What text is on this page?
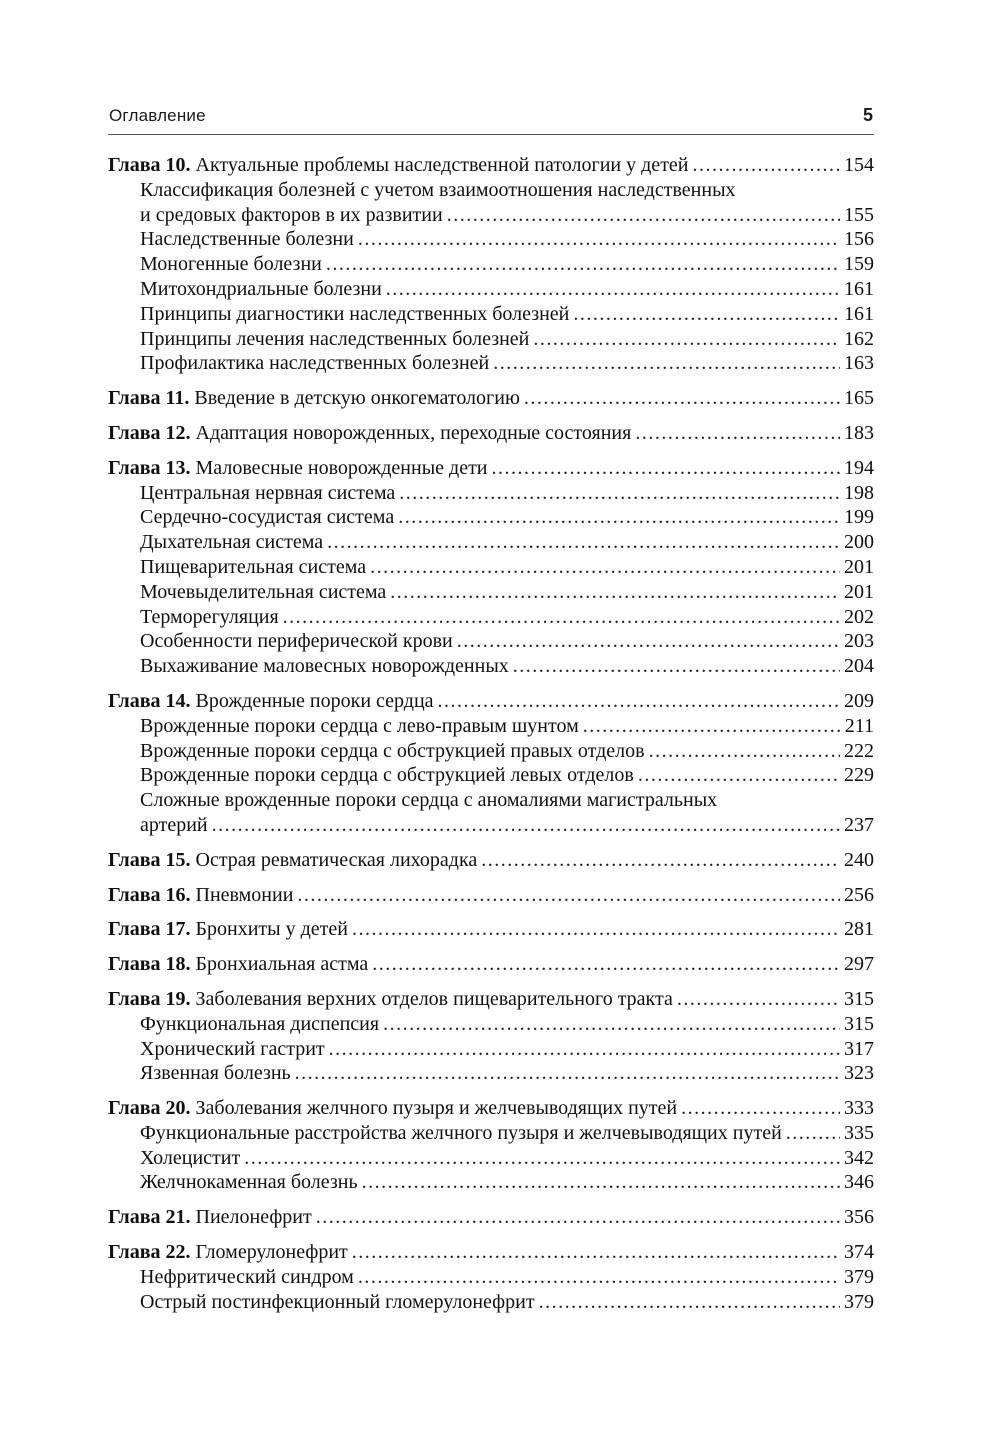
Оглавление	5
Глава 10. Актуальные проблемы наследственной патологии у детей .....	154
Классификация болезней с учетом взаимоотношения наследственных
и средовых факторов в их развитии .....	155
Наследственные болезни .....	156
Моногенные болезни .....	159
Митохондриальные болезни .....	161
Принципы диагностики наследственных болезней .....	161
Принципы лечения наследственных болезней .....	162
Профилактика наследственных болезней .....	163
Глава 11. Введение в детскую онкогематологию .....	165
Глава 12. Адаптация новорожденных, переходные состояния .....	183
Глава 13. Маловесные новорожденные дети .....	194
Центральная нервная система .....	198
Сердечно-сосудистая система .....	199
Дыхательная система .....	200
Пищеварительная система .....	201
Мочевыделительная система .....	201
Терморегуляция .....	202
Особенности периферической крови .....	203
Выхаживание маловесных новорожденных .....	204
Глава 14. Врожденные пороки сердца .....	209
Врожденные пороки сердца с лево-правым шунтом .....	211
Врожденные пороки сердца с обструкцией правых отделов .....	222
Врожденные пороки сердца с обструкцией левых отделов .....	229
Сложные врожденные пороки сердца с аномалиями магистральных
артерий .....	237
Глава 15. Острая ревматическая лихорадка .....	240
Глава 16. Пневмонии .....	256
Глава 17. Бронхиты у детей .....	281
Глава 18. Бронхиальная астма .....	297
Глава 19. Заболевания верхних отделов пищеварительного тракта .....	315
Функциональная диспепсия .....	315
Хронический гастрит .....	317
Язвенная болезнь .....	323
Глава 20. Заболевания желчного пузыря и желчевыводящих путей .....	333
Функциональные расстройства желчного пузыря и желчевыводящих путей .....	335
Холецистит .....	342
Желчнокаменная болезнь .....	346
Глава 21. Пиелонефрит .....	356
Глава 22. Гломерулонефрит .....	374
Нефритический синдром .....	379
Острый постинфекционный гломерулонефрит .....	379
